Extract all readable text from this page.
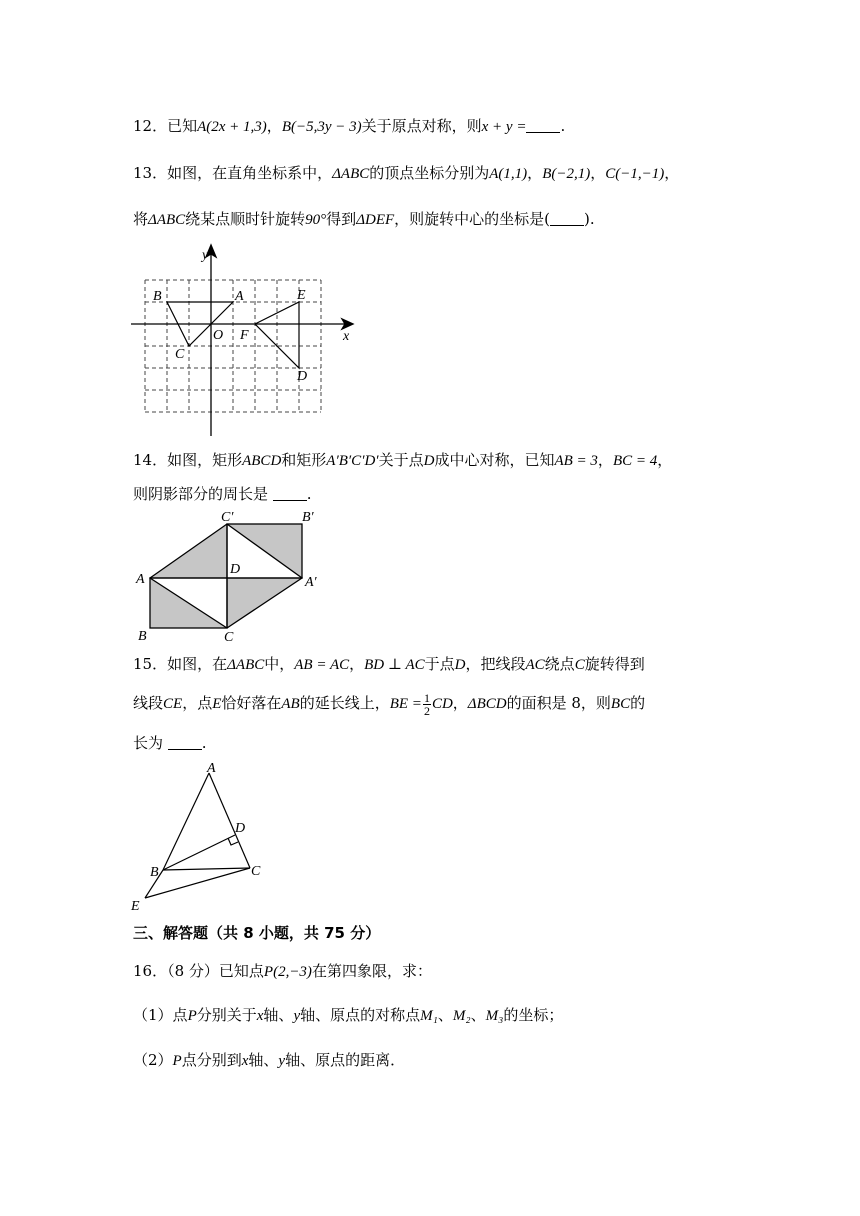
12．已知A(2x + 1,3)，B(−5,3y − 3)关于原点对称，则x + y = .
13．如图，在直角坐标系中，ΔABC的顶点坐标分别为A(1,1)，B(−2,1)，C(−1,−1)，
将ΔABC绕某点顺时针旋转90°得到ΔDEF，则旋转中心的坐标是( ).
y
x
B	A
O
C
F
E
D
14．如图，矩形ABCD和矩形A′B′C′D′关于点D成中心对称，已知AB = 3，BC = 4，
则阴影部分的周长是	.
C′	B′
A
D
A′
B	C
15．如图，在ΔABC中，AB = AC，BD ⊥ AC于点D，把线段AC绕点C旋转得到
线段CE，点E恰好落在AB的延长线上，BE = $\frac{1}{2}$ CD，ΔBCD的面积是 8，则BC的
长为	.
A
D
B	C
E
三、解答题（共 8 小题，共 75 分）
16．（8 分）已知点P(2,−3)在第四象限，求：
（1）点P分别关于x轴、y轴、原点的对称点M₁、M₂、M₃的坐标；
（2）P点分别到x轴、y轴、原点的距离．
